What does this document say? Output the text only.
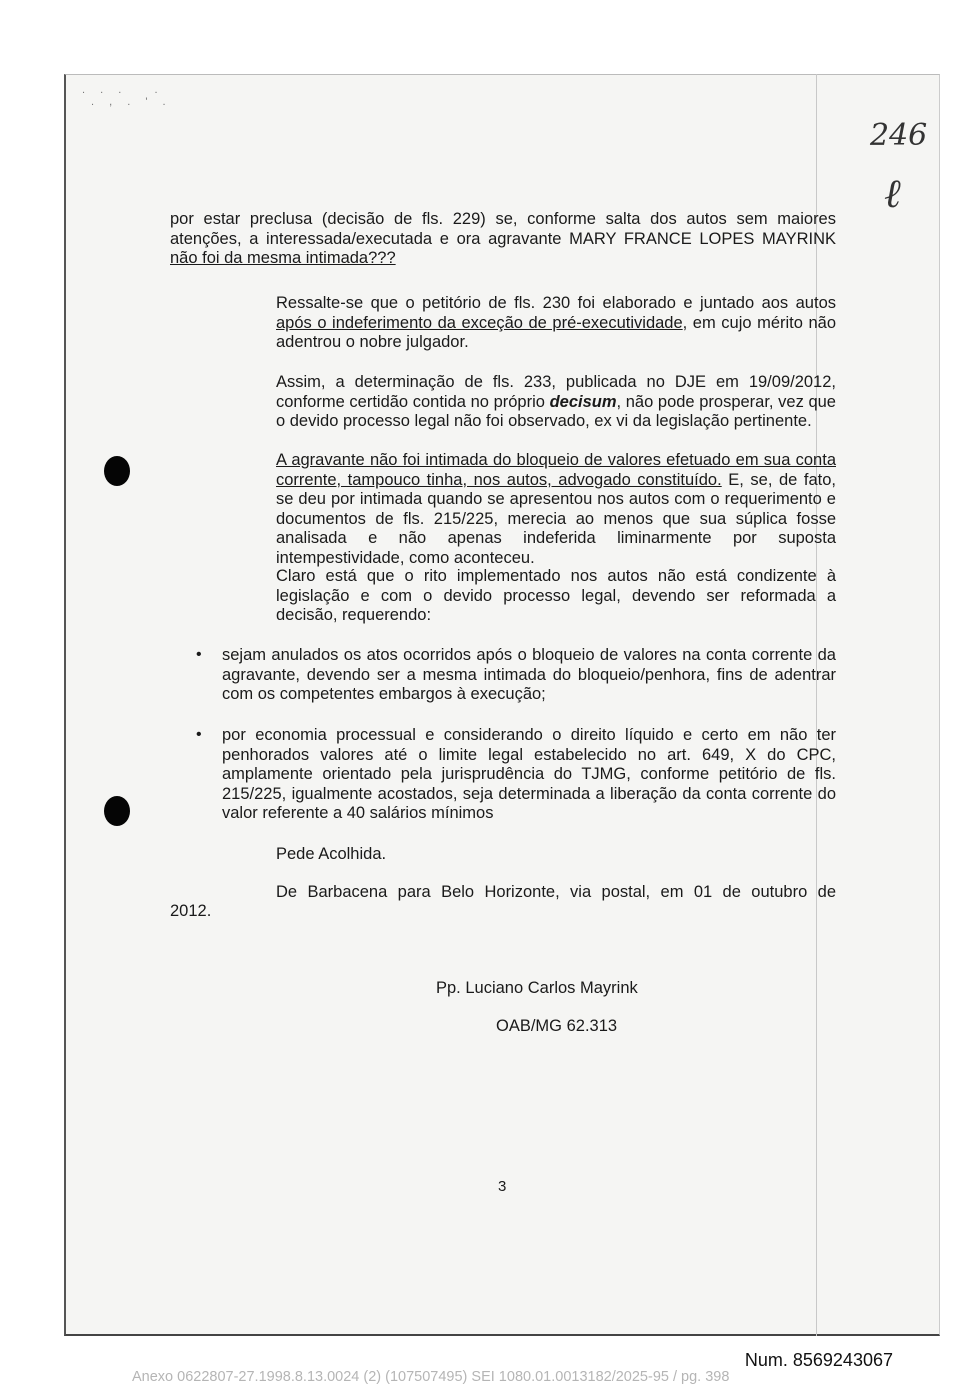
. . .   .
. , . ' .
246
ℓ

por estar preclusa (decisão de fls. 229) se, conforme salta dos autos sem maiores atenções, a interessada/executada e ora agravante MARY FRANCE LOPES MAYRINK não foi da mesma intimada???

Ressalte-se que o petitório de fls. 230 foi elaborado e juntado aos autos após o indeferimento da exceção de pré-executividade, em cujo mérito não adentrou o nobre julgador.

Assim, a determinação de fls. 233, publicada no DJE em 19/09/2012, conforme certidão contida no próprio decisum, não pode prosperar, vez que o devido processo legal não foi observado, ex vi da legislação pertinente.

A agravante não foi intimada do bloqueio de valores efetuado em sua conta corrente, tampouco tinha, nos autos, advogado constituído. E, se, de fato, se deu por intimada quando se apresentou nos autos com o requerimento e documentos de fls. 215/225, merecia ao menos que sua súplica fosse analisada e não apenas indeferida liminarmente por suposta intempestividade, como aconteceu.

Claro está que o rito implementado nos autos não está condizente à legislação e com o devido processo legal, devendo ser reformada a decisão, requerendo:

• sejam anulados os atos ocorridos após o bloqueio de valores na conta corrente da agravante, devendo ser a mesma intimada do bloqueio/penhora, fins de adentrar com os competentes embargos à execução;

• por economia processual e considerando o direito líquido e certo em não ter penhorados valores até o limite legal estabelecido no art. 649, X do CPC, amplamente orientado pela jurisprudência do TJMG, conforme petitório de fls. 215/225, igualmente acostados, seja determinada a liberação da conta corrente do valor referente a 40 salários mínimos

Pede Acolhida.

De Barbacena para Belo Horizonte, via postal, em 01 de outubro de

2012.

Pp. Luciano Carlos Mayrink

OAB/MG 62.313

3

Num. 8569243067
Anexo 0622807-27.1998.8.13.0024 (2) (107507495) SEI 1080.01.0013182/2025-95 / pg. 398
